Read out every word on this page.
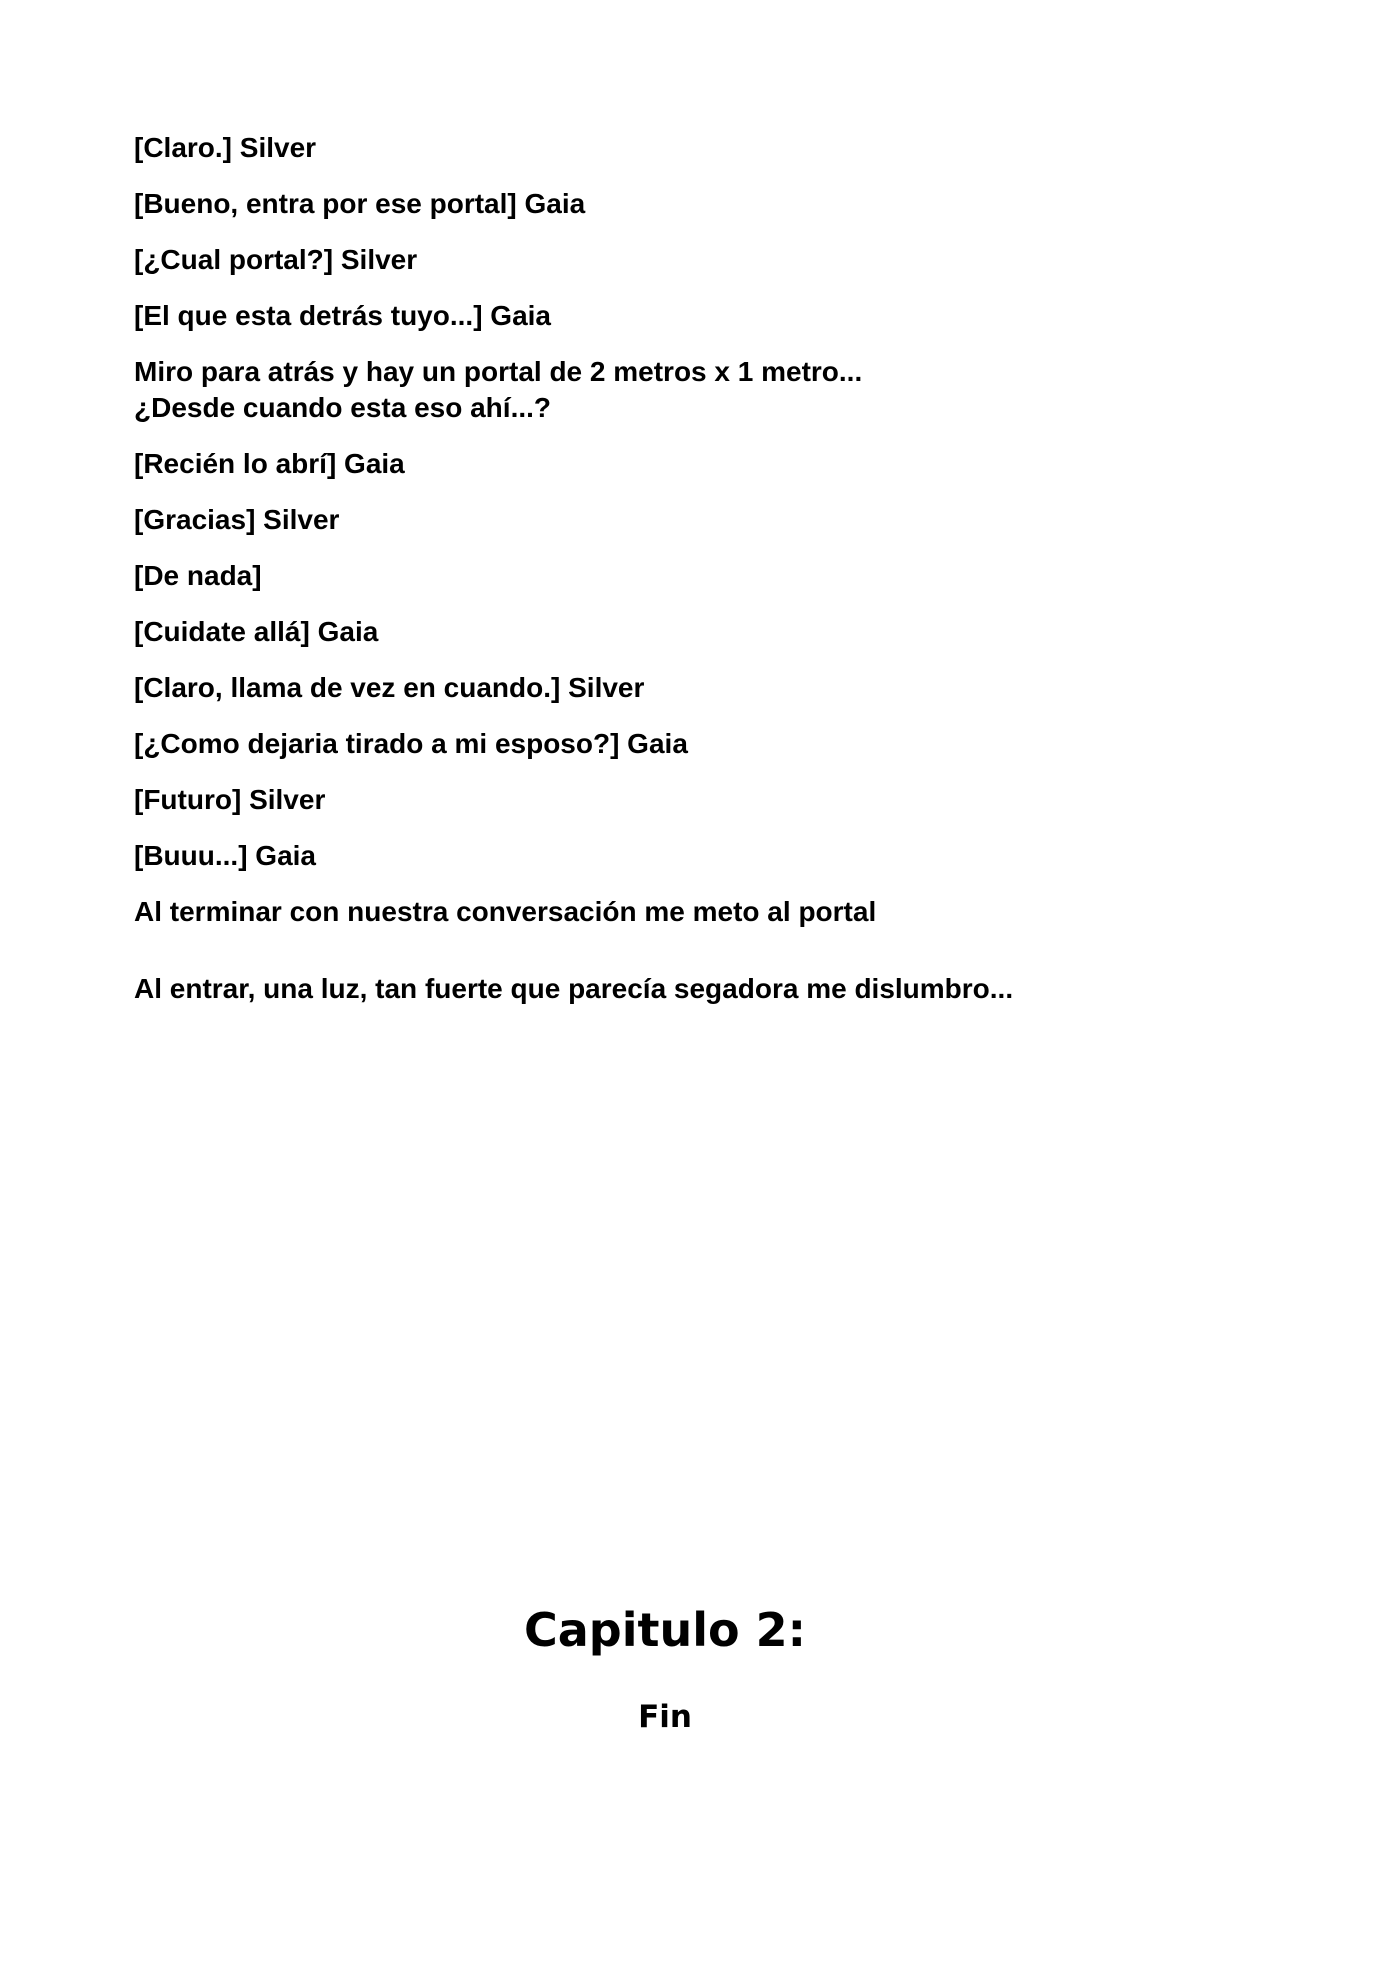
[Claro.] Silver

[Bueno, entra por ese portal] Gaia

[¿Cual portal?] Silver

[El que esta detrás tuyo...] Gaia

Miro para atrás y hay un portal de 2 metros x 1 metro...
¿Desde cuando esta eso ahí...?

[Recién lo abrí] Gaia

[Gracias] Silver

[De nada]

[Cuidate allá] Gaia

[Claro, llama de vez en cuando.] Silver

[¿Como dejaria tirado a mi esposo?] Gaia

[Futuro] Silver

[Buuu...] Gaia

Al terminar con nuestra conversación me meto al portal

Al entrar, una luz, tan fuerte que parecía segadora me dislumbro...

Capitulo 2:
Fin
